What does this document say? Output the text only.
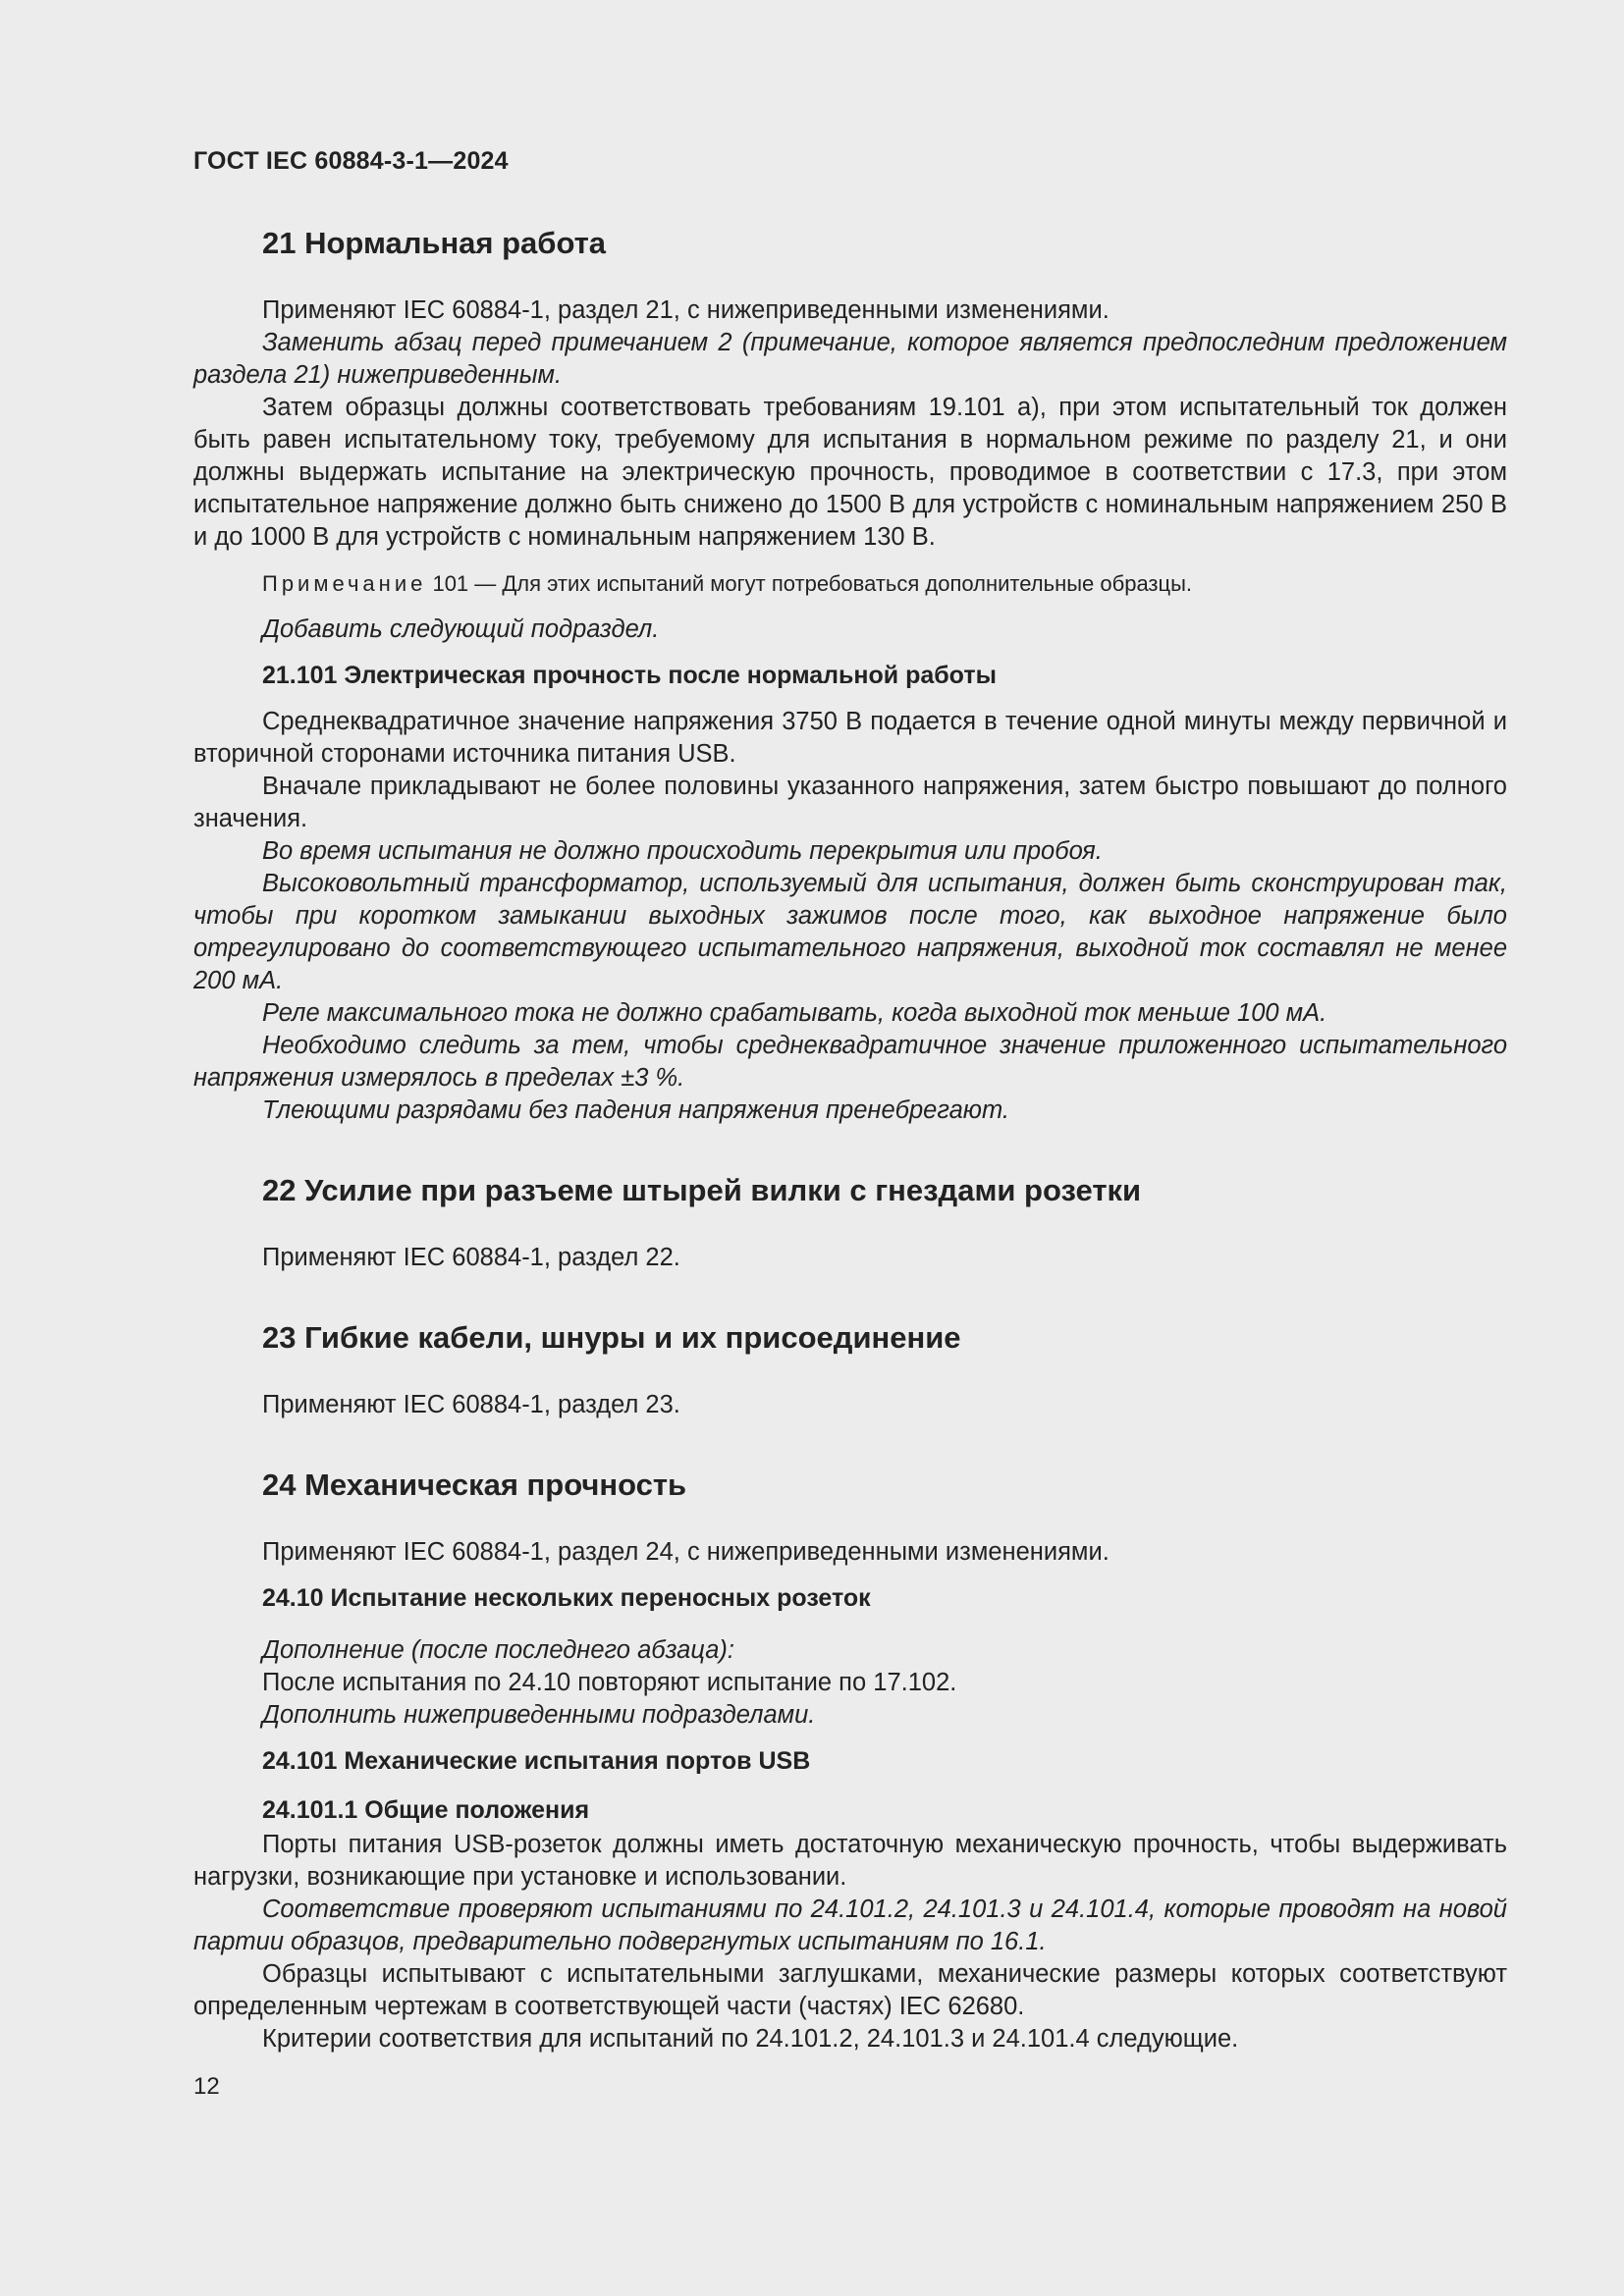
ГОСТ IEC 60884-3-1—2024
21 Нормальная работа

Применяют IEC 60884-1, раздел 21, с нижеприведенными изменениями.

Заменить абзац перед примечанием 2 (примечание, которое является предпоследним предложением раздела 21) нижеприведенным.

Затем образцы должны соответствовать требованиям 19.101 а), при этом испытательный ток должен быть равен испытательному току, требуемому для испытания в нормальном режиме по разделу 21, и они должны выдержать испытание на электрическую прочность, проводимое в соответствии с 17.3, при этом испытательное напряжение должно быть снижено до 1500 В для устройств с номинальным напряжением 250 В и до 1000 В для устройств с номинальным напряжением 130 В.

Примечание 101 — Для этих испытаний могут потребоваться дополнительные образцы.

Добавить следующий подраздел.

21.101 Электрическая прочность после нормальной работы

Среднеквадратичное значение напряжения 3750 В подается в течение одной минуты между первичной и вторичной сторонами источника питания USB.

Вначале прикладывают не более половины указанного напряжения, затем быстро повышают до полного значения.

Во время испытания не должно происходить перекрытия или пробоя.

Высоковольтный трансформатор, используемый для испытания, должен быть сконструирован так, чтобы при коротком замыкании выходных зажимов после того, как выходное напряжение было отрегулировано до соответствующего испытательного напряжения, выходной ток составлял не менее 200 мА.

Реле максимального тока не должно срабатывать, когда выходной ток меньше 100 мА.

Необходимо следить за тем, чтобы среднеквадратичное значение приложенного испытательного напряжения измерялось в пределах ±3 %.

Тлеющими разрядами без падения напряжения пренебрегают.

22 Усилие при разъеме штырей вилки с гнездами розетки

Применяют IEC 60884-1, раздел 22.

23 Гибкие кабели, шнуры и их присоединение

Применяют IEC 60884-1, раздел 23.

24 Механическая прочность

Применяют IEC 60884-1, раздел 24, с нижеприведенными изменениями.

24.10 Испытание нескольких переносных розеток

Дополнение (после последнего абзаца):

После испытания по 24.10 повторяют испытание по 17.102.

Дополнить нижеприведенными подразделами.

24.101 Механические испытания портов USB
24.101.1 Общие положения

Порты питания USB-розеток должны иметь достаточную механическую прочность, чтобы выдерживать нагрузки, возникающие при установке и использовании.

Соответствие проверяют испытаниями по 24.101.2, 24.101.3 и 24.101.4, которые проводят на новой партии образцов, предварительно подвергнутых испытаниям по 16.1.

Образцы испытывают с испытательными заглушками, механические размеры которых соответствуют определенным чертежам в соответствующей части (частях) IEC 62680.

Критерии соответствия для испытаний по 24.101.2, 24.101.3 и 24.101.4 следующие.

12
